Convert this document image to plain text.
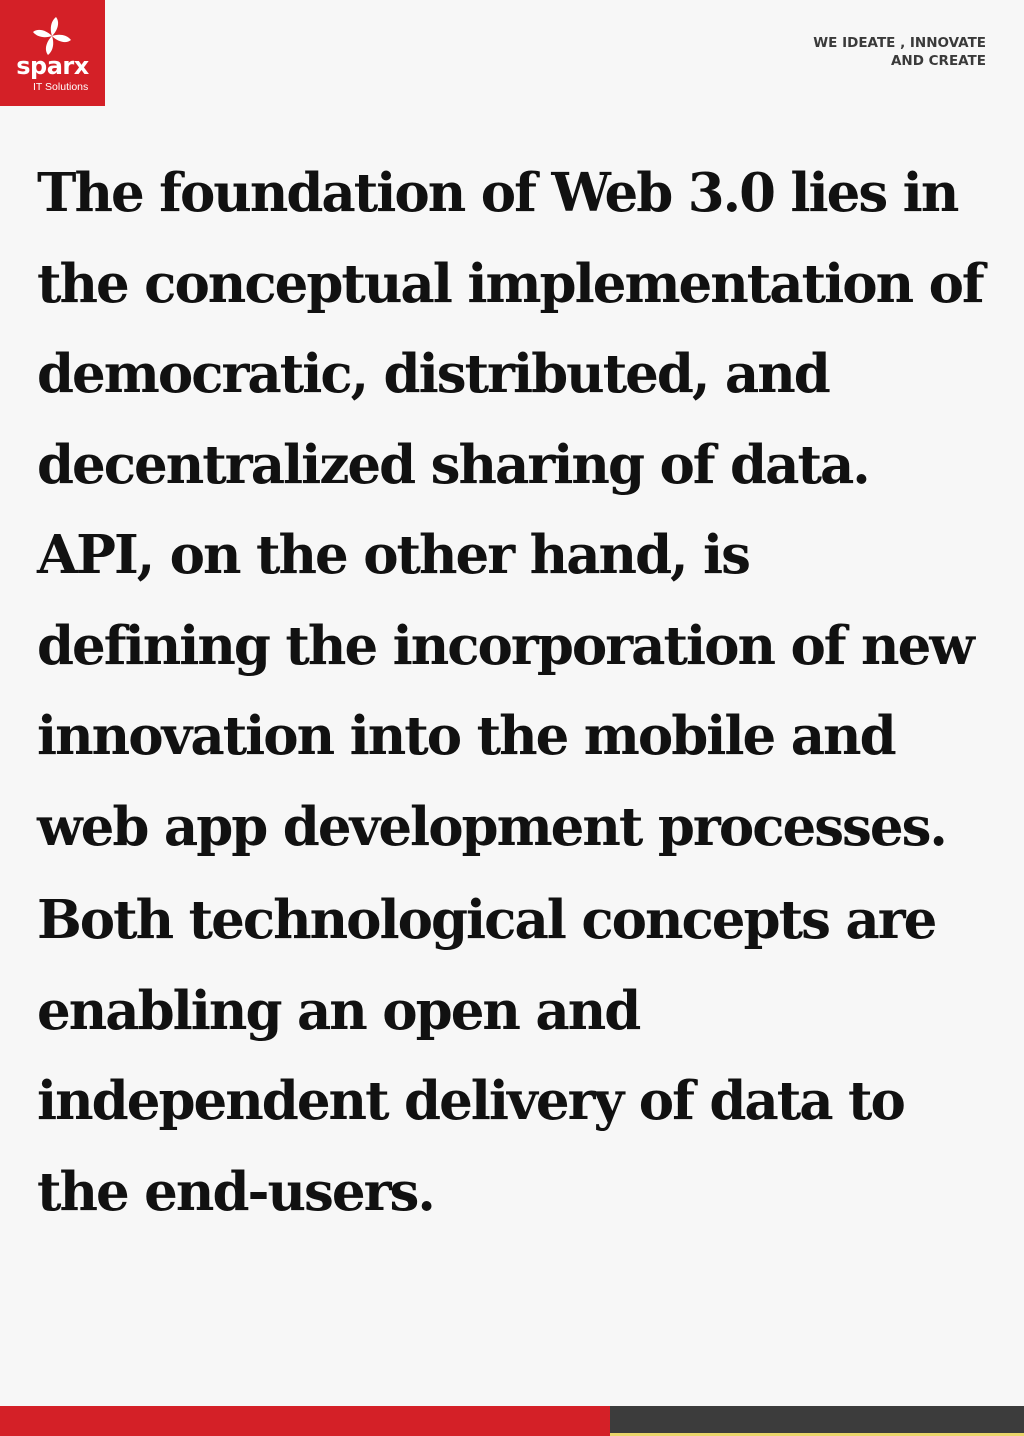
sparx
IT Solutions
WE IDEATE , INNOVATE
AND CREATE

The foundation of Web 3.0 lies in the conceptual implementation of democratic, distributed, and decentralized sharing of data. API, on the other hand, is defining the incorporation of new innovation into the mobile and web app development processes.

Both technological concepts are enabling an open and independent delivery of data to the end-users.
